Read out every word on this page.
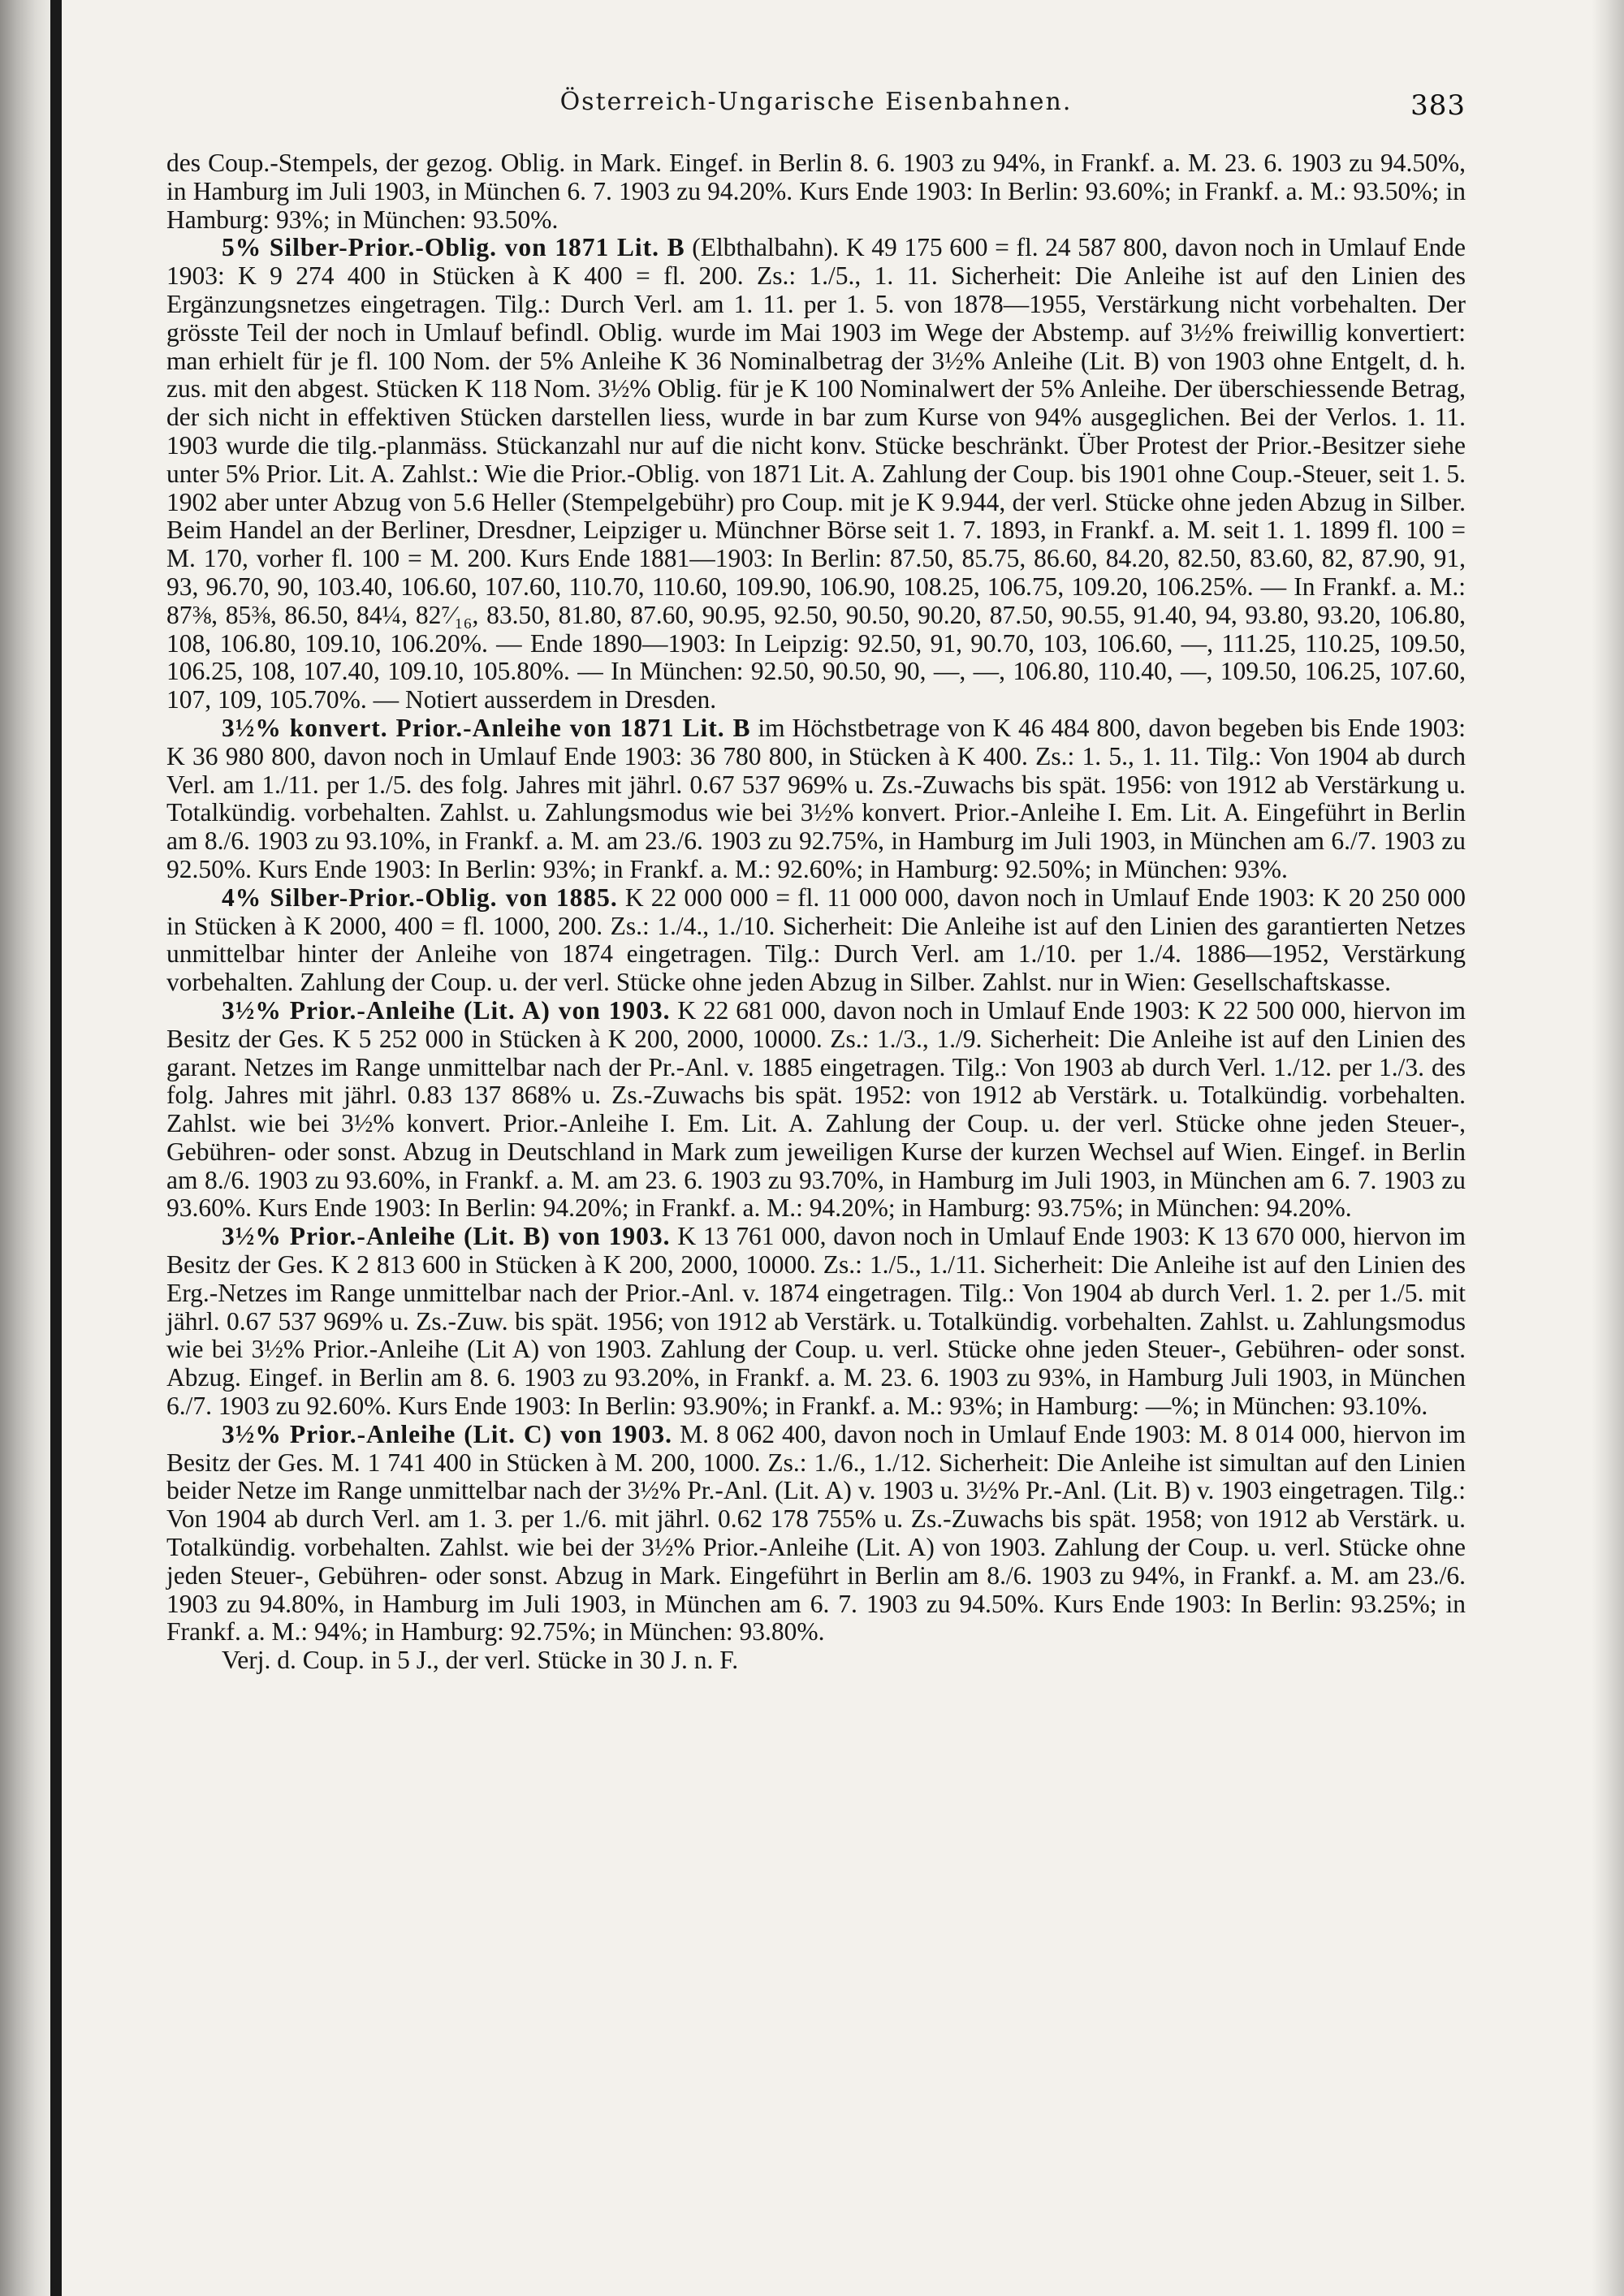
Österreich-Ungarische Eisenbahnen.	383

des Coup.-Stempels, der gezog. Oblig. in Mark. Eingef. in Berlin 8. 6. 1903 zu 94%, in Frankf. a. M. 23. 6. 1903 zu 94.50%, in Hamburg im Juli 1903, in München 6. 7. 1903 zu 94.20%. Kurs Ende 1903: In Berlin: 93.60%; in Frankf. a. M.: 93.50%; in Hamburg: 93%; in München: 93.50%.

5% Silber-Prior.-Oblig. von 1871 Lit. B (Elbthalbahn). K 49 175 600 = fl. 24 587 800, davon noch in Umlauf Ende 1903: K 9 274 400 in Stücken à K 400 = fl. 200. Zs.: 1./5., 1. 11. Sicherheit: Die Anleihe ist auf den Linien des Ergänzungsnetzes eingetragen. Tilg.: Durch Verl. am 1. 11. per 1. 5. von 1878—1955, Verstärkung nicht vorbehalten. Der grösste Teil der noch in Umlauf befindl. Oblig. wurde im Mai 1903 im Wege der Abstemp. auf 3½% freiwillig konvertiert: man erhielt für je fl. 100 Nom. der 5% Anleihe K 36 Nominalbetrag der 3½% Anleihe (Lit. B) von 1903 ohne Entgelt, d. h. zus. mit den abgest. Stücken K 118 Nom. 3½% Oblig. für je K 100 Nominalwert der 5% Anleihe. Der überschiessende Betrag, der sich nicht in effektiven Stücken darstellen liess, wurde in bar zum Kurse von 94% ausgeglichen. Bei der Verlos. 1. 11. 1903 wurde die tilg.-planmäss. Stückanzahl nur auf die nicht konv. Stücke beschränkt. Über Protest der Prior.-Besitzer siehe unter 5% Prior. Lit. A. Zahlst.: Wie die Prior.-Oblig. von 1871 Lit. A. Zahlung der Coup. bis 1901 ohne Coup.-Steuer, seit 1. 5. 1902 aber unter Abzug von 5.6 Heller (Stempelgebühr) pro Coup. mit je K 9.944, der verl. Stücke ohne jeden Abzug in Silber. Beim Handel an der Berliner, Dresdner, Leipziger u. Münchner Börse seit 1. 7. 1893, in Frankf. a. M. seit 1. 1. 1899 fl. 100 = M. 170, vorher fl. 100 = M. 200. Kurs Ende 1881—1903: In Berlin: 87.50, 85.75, 86.60, 84.20, 82.50, 83.60, 82, 87.90, 91, 93, 96.70, 90, 103.40, 106.60, 107.60, 110.70, 110.60, 109.90, 106.90, 108.25, 106.75, 109.20, 106.25%. — In Frankf. a. M.: 87⅜, 85⅜, 86.50, 84¼, 82⁷⁄₁₆, 83.50, 81.80, 87.60, 90.95, 92.50, 90.50, 90.20, 87.50, 90.55, 91.40, 94, 93.80, 93.20, 106.80, 108, 106.80, 109.10, 106.20%. — Ende 1890—1903: In Leipzig: 92.50, 91, 90.70, 103, 106.60, —, 111.25, 110.25, 109.50, 106.25, 108, 107.40, 109.10, 105.80%. — In München: 92.50, 90.50, 90, —, —, 106.80, 110.40, —, 109.50, 106.25, 107.60, 107, 109, 105.70%. — Notiert ausserdem in Dresden.

3½% konvert. Prior.-Anleihe von 1871 Lit. B im Höchstbetrage von K 46 484 800, davon begeben bis Ende 1903: K 36 980 800, davon noch in Umlauf Ende 1903: 36 780 800, in Stücken à K 400. Zs.: 1. 5., 1. 11. Tilg.: Von 1904 ab durch Verl. am 1./11. per 1./5. des folg. Jahres mit jährl. 0.67 537 969% u. Zs.-Zuwachs bis spät. 1956: von 1912 ab Verstärkung u. Totalkündig. vorbehalten. Zahlst. u. Zahlungsmodus wie bei 3½% konvert. Prior.-Anleihe I. Em. Lit. A. Eingeführt in Berlin am 8./6. 1903 zu 93.10%, in Frankf. a. M. am 23./6. 1903 zu 92.75%, in Hamburg im Juli 1903, in München am 6./7. 1903 zu 92.50%. Kurs Ende 1903: In Berlin: 93%; in Frankf. a. M.: 92.60%; in Hamburg: 92.50%; in München: 93%.

4% Silber-Prior.-Oblig. von 1885. K 22 000 000 = fl. 11 000 000, davon noch in Umlauf Ende 1903: K 20 250 000 in Stücken à K 2000, 400 = fl. 1000, 200. Zs.: 1./4., 1./10. Sicherheit: Die Anleihe ist auf den Linien des garantierten Netzes unmittelbar hinter der Anleihe von 1874 eingetragen. Tilg.: Durch Verl. am 1./10. per 1./4. 1886—1952, Verstärkung vorbehalten. Zahlung der Coup. u. der verl. Stücke ohne jeden Abzug in Silber. Zahlst. nur in Wien: Gesellschaftskasse.

3½% Prior.-Anleihe (Lit. A) von 1903. K 22 681 000, davon noch in Umlauf Ende 1903: K 22 500 000, hiervon im Besitz der Ges. K 5 252 000 in Stücken à K 200, 2000, 10000. Zs.: 1./3., 1./9. Sicherheit: Die Anleihe ist auf den Linien des garant. Netzes im Range unmittelbar nach der Pr.-Anl. v. 1885 eingetragen. Tilg.: Von 1903 ab durch Verl. 1./12. per 1./3. des folg. Jahres mit jährl. 0.83 137 868% u. Zs.-Zuwachs bis spät. 1952: von 1912 ab Verstärk. u. Totalkündig. vorbehalten. Zahlst. wie bei 3½% konvert. Prior.-Anleihe I. Em. Lit. A. Zahlung der Coup. u. der verl. Stücke ohne jeden Steuer-, Gebühren- oder sonst. Abzug in Deutschland in Mark zum jeweiligen Kurse der kurzen Wechsel auf Wien. Eingef. in Berlin am 8./6. 1903 zu 93.60%, in Frankf. a. M. am 23. 6. 1903 zu 93.70%, in Hamburg im Juli 1903, in München am 6. 7. 1903 zu 93.60%. Kurs Ende 1903: In Berlin: 94.20%; in Frankf. a. M.: 94.20%; in Hamburg: 93.75%; in München: 94.20%.

3½% Prior.-Anleihe (Lit. B) von 1903. K 13 761 000, davon noch in Umlauf Ende 1903: K 13 670 000, hiervon im Besitz der Ges. K 2 813 600 in Stücken à K 200, 2000, 10000. Zs.: 1./5., 1./11. Sicherheit: Die Anleihe ist auf den Linien des Erg.-Netzes im Range unmittelbar nach der Prior.-Anl. v. 1874 eingetragen. Tilg.: Von 1904 ab durch Verl. 1. 2. per 1./5. mit jährl. 0.67 537 969% u. Zs.-Zuw. bis spät. 1956; von 1912 ab Verstärk. u. Totalkündig. vorbehalten. Zahlst. u. Zahlungsmodus wie bei 3½% Prior.-Anleihe (Lit A) von 1903. Zahlung der Coup. u. verl. Stücke ohne jeden Steuer-, Gebühren- oder sonst. Abzug. Eingef. in Berlin am 8. 6. 1903 zu 93.20%, in Frankf. a. M. 23. 6. 1903 zu 93%, in Hamburg Juli 1903, in München 6./7. 1903 zu 92.60%. Kurs Ende 1903: In Berlin: 93.90%; in Frankf. a. M.: 93%; in Hamburg: —%; in München: 93.10%.

3½% Prior.-Anleihe (Lit. C) von 1903. M. 8 062 400, davon noch in Umlauf Ende 1903: M. 8 014 000, hiervon im Besitz der Ges. M. 1 741 400 in Stücken à M. 200, 1000. Zs.: 1./6., 1./12. Sicherheit: Die Anleihe ist simultan auf den Linien beider Netze im Range unmittelbar nach der 3½% Pr.-Anl. (Lit. A) v. 1903 u. 3½% Pr.-Anl. (Lit. B) v. 1903 eingetragen. Tilg.: Von 1904 ab durch Verl. am 1. 3. per 1./6. mit jährl. 0.62 178 755% u. Zs.-Zuwachs bis spät. 1958; von 1912 ab Verstärk. u. Totalkündig. vorbehalten. Zahlst. wie bei der 3½% Prior.-Anleihe (Lit. A) von 1903. Zahlung der Coup. u. verl. Stücke ohne jeden Steuer-, Gebühren- oder sonst. Abzug in Mark. Eingeführt in Berlin am 8./6. 1903 zu 94%, in Frankf. a. M. am 23./6. 1903 zu 94.80%, in Hamburg im Juli 1903, in München am 6. 7. 1903 zu 94.50%. Kurs Ende 1903: In Berlin: 93.25%; in Frankf. a. M.: 94%; in Hamburg: 92.75%; in München: 93.80%.

Verj. d. Coup. in 5 J., der verl. Stücke in 30 J. n. F.
